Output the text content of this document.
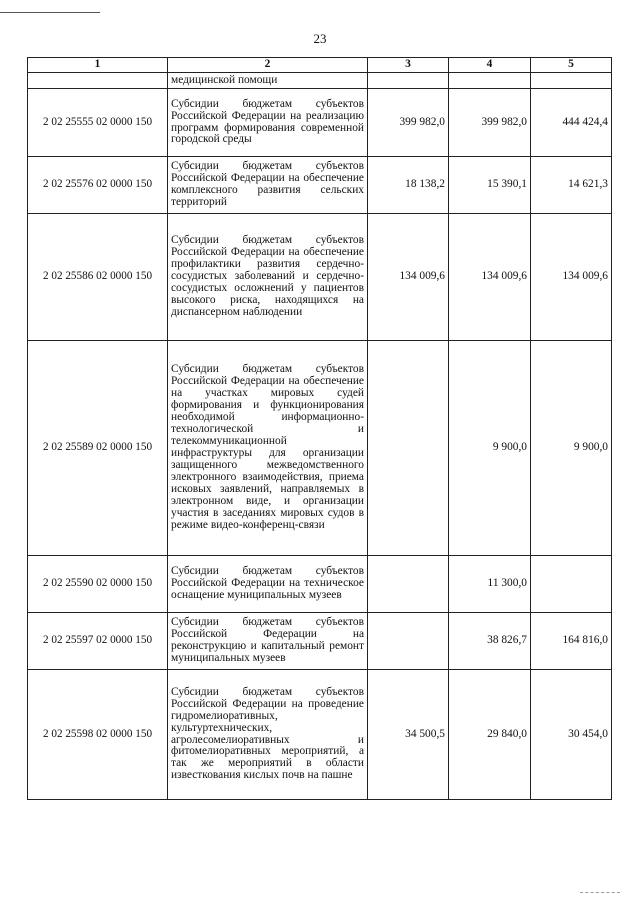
23
1	2	3	4	5
	медицинской помощи			
2 02 25555 02 0000 150	Субсидии бюджетам субъектов Российской Федерации на реализацию программ формирования современной городской среды	399 982,0	399 982,0	444 424,4
2 02 25576 02 0000 150	Субсидии бюджетам субъектов Российской Федерации на обеспечение комплексного развития сельских территорий	18 138,2	15 390,1	14 621,3
2 02 25586 02 0000 150	Субсидии бюджетам субъектов Российской Федерации на обеспечение профилактики развития сердечно-сосудистых заболеваний и сердечно-сосудистых осложнений у пациентов высокого риска, находящихся на диспансерном наблюдении	134 009,6	134 009,6	134 009,6
2 02 25589 02 0000 150	Субсидии бюджетам субъектов Российской Федерации на обеспечение на участках мировых судей формирования и функционирования необходимой информационно-технологической и телекоммуникационной инфраструктуры для организации защищенного межведомственного электронного взаимодействия, приема исковых заявлений, направляемых в электронном виде, и организации участия в заседаниях мировых судов в режиме видео-конференц-связи		9 900,0	9 900,0
2 02 25590 02 0000 150	Субсидии бюджетам субъектов Российской Федерации на техническое оснащение муниципальных музеев		11 300,0	
2 02 25597 02 0000 150	Субсидии бюджетам субъектов Российской Федерации на реконструкцию и капитальный ремонт муниципальных музеев		38 826,7	164 816,0
2 02 25598 02 0000 150	Субсидии бюджетам субъектов Российской Федерации на проведение гидромелиоративных, культуртехнических, агролесомелиоративных и фитомелиоративных мероприятий, а так же мероприятий в области известкования кислых почв на пашне	34 500,5	29 840,0	30 454,0
